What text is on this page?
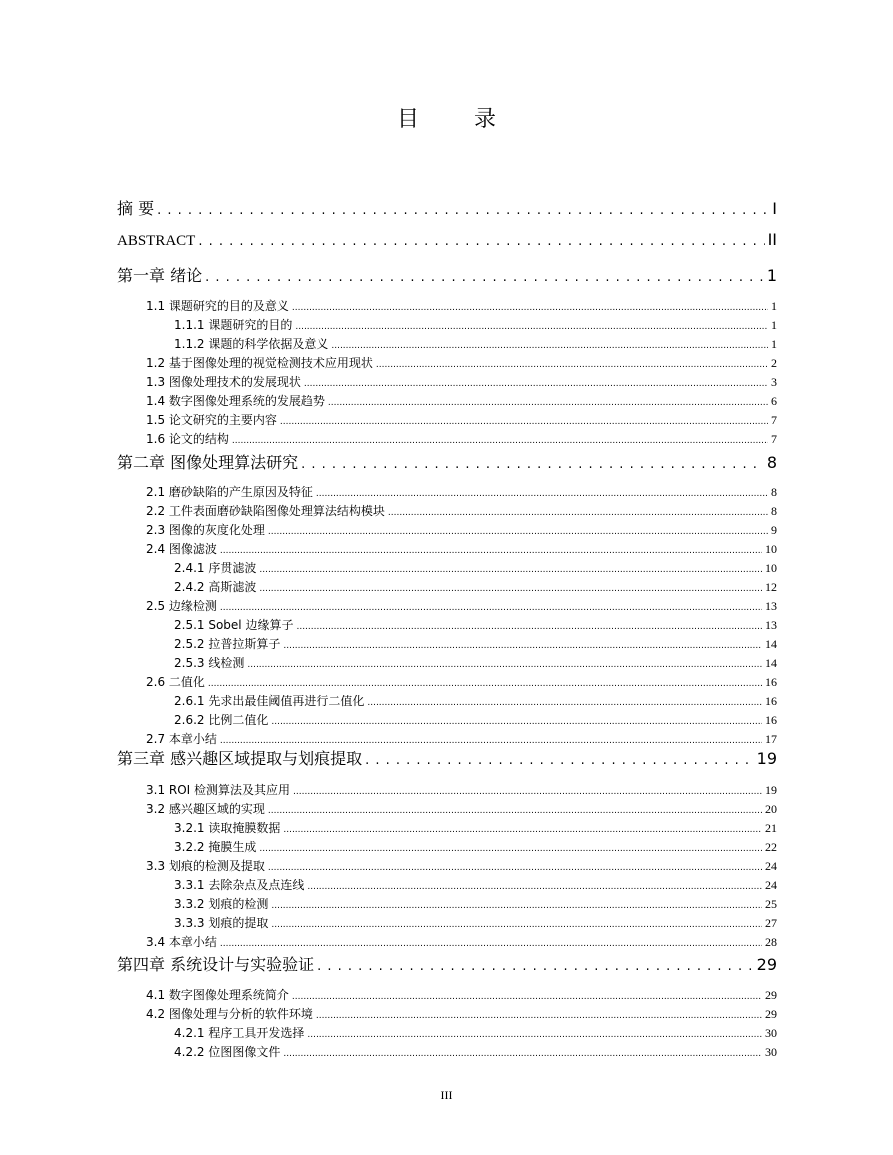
目 录
摘 要 . . .	I
ABSTRACT . . .	II
第一章 绪论 . . .	1
1.1 课题研究的目的及意义 .....	1
1.1.1 课题研究的目的 .....	1
1.1.2 课题的科学依据及意义 .....	1
1.2 基于图像处理的视觉检测技术应用现状 .....	2
1.3 图像处理技术的发展现状 .....	3
1.4 数字图像处理系统的发展趋势 .....	6
1.5 论文研究的主要内容 .....	7
1.6 论文的结构 .....	7
第二章 图像处理算法研究 . . .	8
2.1 磨砂缺陷的产生原因及特征 .....	8
2.2 工件表面磨砂缺陷图像处理算法结构模块 .....	8
2.3 图像的灰度化处理 .....	9
2.4 图像滤波 .....	10
2.4.1 序贯滤波 .....	10
2.4.2 高斯滤波 .....	12
2.5 边缘检测 .....	13
2.5.1 Sobel 边缘算子 .....	13
2.5.2 拉普拉斯算子 .....	14
2.5.3 线检测 .....	14
2.6 二值化 .....	16
2.6.1 先求出最佳阈值再进行二值化 .....	16
2.6.2 比例二值化 .....	16
2.7 本章小结 .....	17
第三章 感兴趣区域提取与划痕提取 . . .	19
3.1 ROI 检测算法及其应用 .....	19
3.2 感兴趣区域的实现 .....	20
3.2.1 读取掩膜数据 .....	21
3.2.2 掩膜生成 .....	22
3.3 划痕的检测及提取 .....	24
3.3.1 去除杂点及点连线 .....	24
3.3.2 划痕的检测 .....	25
3.3.3 划痕的提取 .....	27
3.4 本章小结 .....	28
第四章 系统设计与实验验证 . . .	29
4.1 数字图像处理系统简介 .....	29
4.2 图像处理与分析的软件环境 .....	29
4.2.1 程序工具开发选择 .....	30
4.2.2 位图图像文件 .....	30
III
